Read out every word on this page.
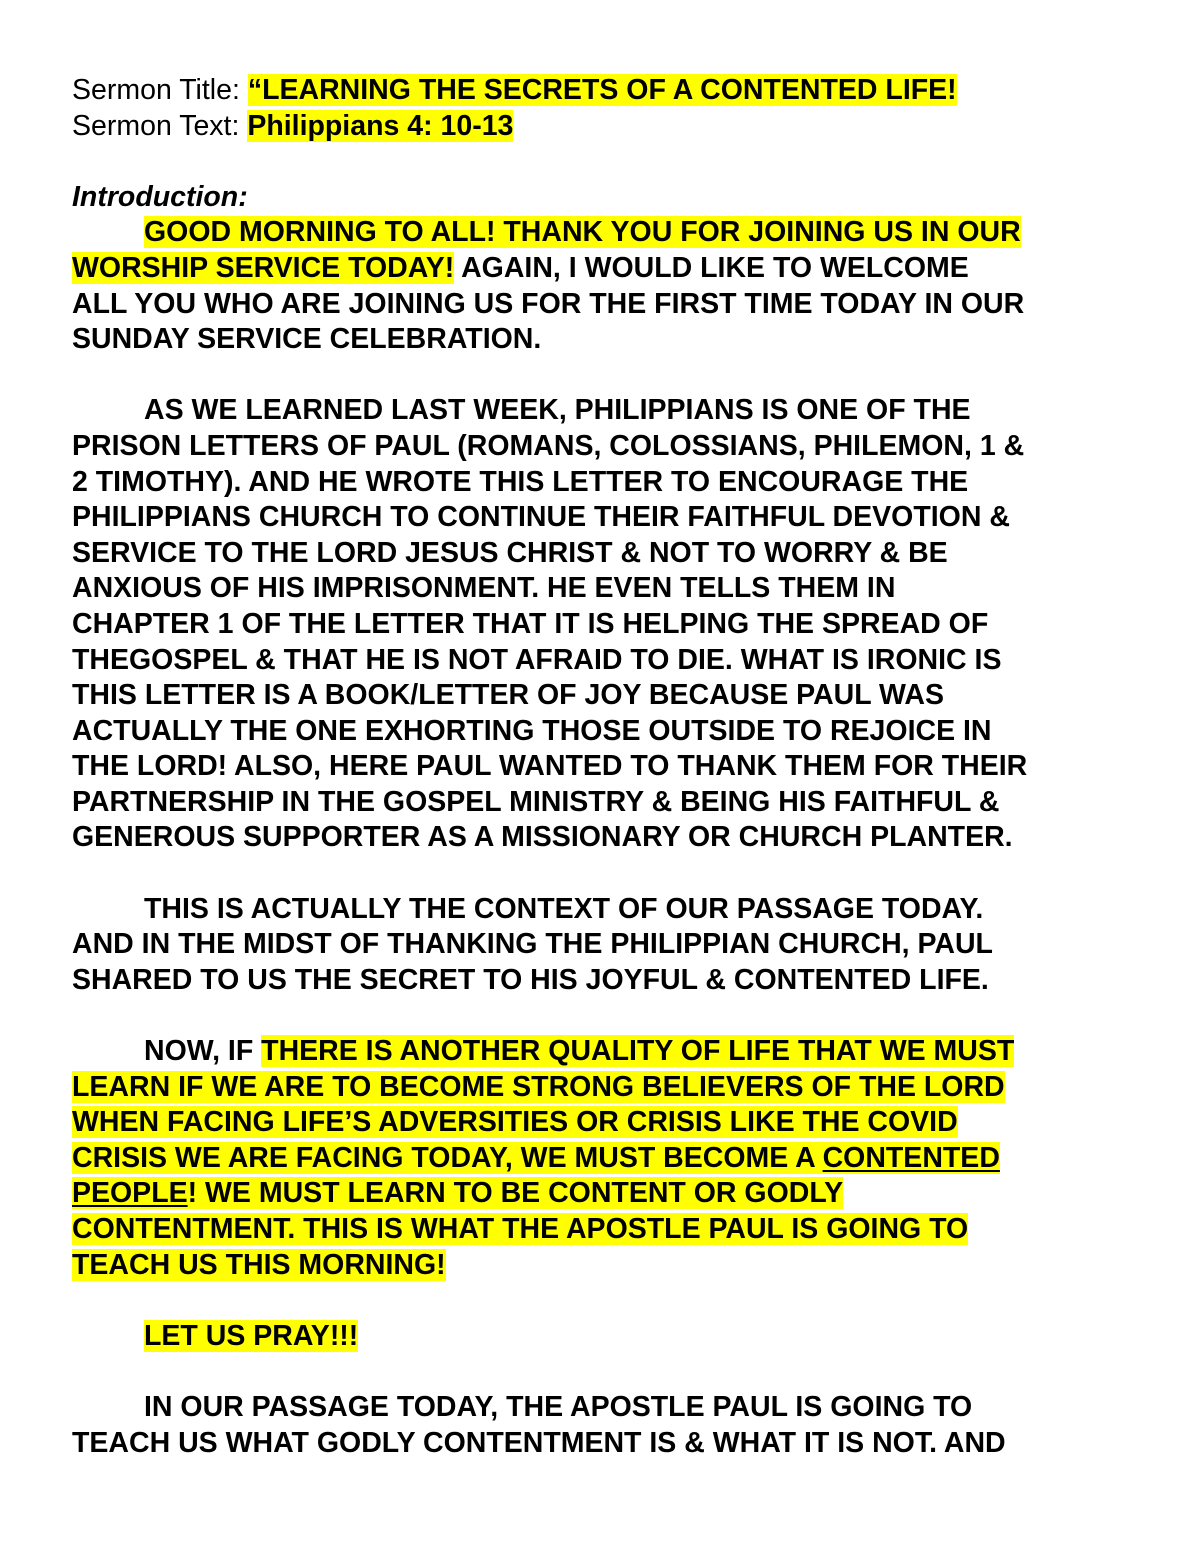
Sermon Title: “LEARNING THE SECRETS OF A CONTENTED LIFE!
Sermon Text: Philippians 4: 10-13
Introduction:
GOOD MORNING TO ALL! THANK YOU FOR JOINING US IN OUR
WORSHIP SERVICE TODAY! AGAIN, I WOULD LIKE TO WELCOME
ALL YOU WHO ARE JOINING US FOR THE FIRST TIME TODAY IN OUR
SUNDAY SERVICE CELEBRATION.
AS WE LEARNED LAST WEEK, PHILIPPIANS IS ONE OF THE
PRISON LETTERS OF PAUL (ROMANS, COLOSSIANS, PHILEMON, 1 &
2 TIMOTHY). AND HE WROTE THIS LETTER TO ENCOURAGE THE
PHILIPPIANS CHURCH TO CONTINUE THEIR FAITHFUL DEVOTION &
SERVICE TO THE LORD JESUS CHRIST & NOT TO WORRY & BE
ANXIOUS OF HIS IMPRISONMENT. HE EVEN TELLS THEM IN
CHAPTER 1 OF THE LETTER THAT IT IS HELPING THE SPREAD OF
THEGOSPEL & THAT HE IS NOT AFRAID TO DIE. WHAT IS IRONIC IS
THIS LETTER IS A BOOK/LETTER OF JOY BECAUSE PAUL WAS
ACTUALLY THE ONE EXHORTING THOSE OUTSIDE TO REJOICE IN
THE LORD! ALSO, HERE PAUL WANTED TO THANK THEM FOR THEIR
PARTNERSHIP IN THE GOSPEL MINISTRY & BEING HIS FAITHFUL &
GENEROUS SUPPORTER AS A MISSIONARY OR CHURCH PLANTER.
THIS IS ACTUALLY THE CONTEXT OF OUR PASSAGE TODAY.
AND IN THE MIDST OF THANKING THE PHILIPPIAN CHURCH, PAUL
SHARED TO US THE SECRET TO HIS JOYFUL & CONTENTED LIFE.
NOW, IF THERE IS ANOTHER QUALITY OF LIFE THAT WE MUST
LEARN IF WE ARE TO BECOME STRONG BELIEVERS OF THE LORD
WHEN FACING LIFE’S ADVERSITIES OR CRISIS LIKE THE COVID
CRISIS WE ARE FACING TODAY, WE MUST BECOME A CONTENTED
PEOPLE! WE MUST LEARN TO BE CONTENT OR GODLY
CONTENTMENT. THIS IS WHAT THE APOSTLE PAUL IS GOING TO
TEACH US THIS MORNING!
LET US PRAY!!!
IN OUR PASSAGE TODAY, THE APOSTLE PAUL IS GOING TO
TEACH US WHAT GODLY CONTENTMENT IS & WHAT IT IS NOT. AND
